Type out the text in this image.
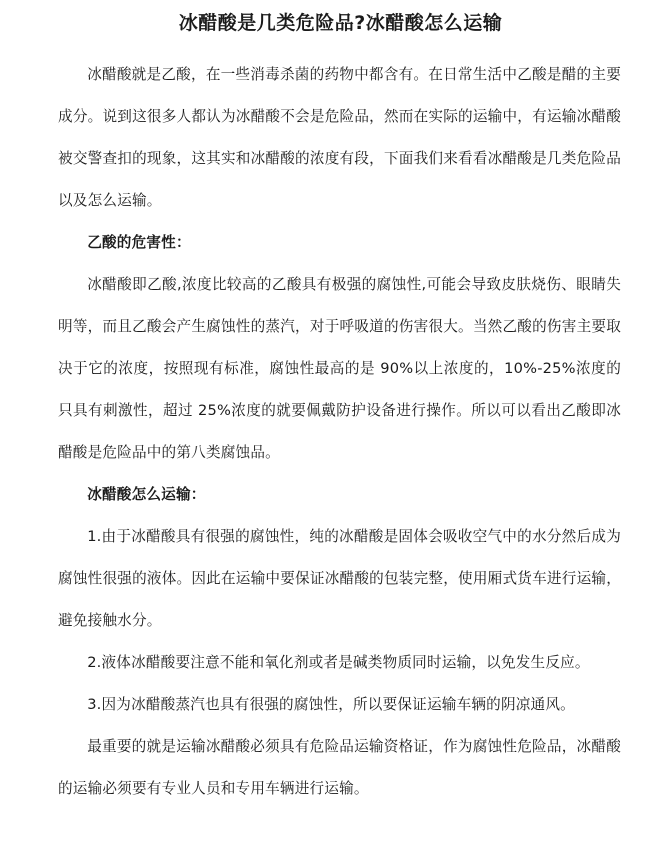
冰醋酸是几类危险品?冰醋酸怎么运输
冰醋酸就是乙酸，在一些消毒杀菌的药物中都含有。在日常生活中乙酸是醋的主要成分。说到这很多人都认为冰醋酸不会是危险品，然而在实际的运输中，有运输冰醋酸被交警查扣的现象，这其实和冰醋酸的浓度有段，下面我们来看看冰醋酸是几类危险品以及怎么运输。
乙酸的危害性：
冰醋酸即乙酸,浓度比较高的乙酸具有极强的腐蚀性,可能会导致皮肤烧伤、眼睛失明等，而且乙酸会产生腐蚀性的蒸汽，对于呼吸道的伤害很大。当然乙酸的伤害主要取决于它的浓度，按照现有标准，腐蚀性最高的是 90%以上浓度的，10%-25%浓度的只具有刺激性，超过 25%浓度的就要佩戴防护设备进行操作。所以可以看出乙酸即冰醋酸是危险品中的第八类腐蚀品。
冰醋酸怎么运输：
1.由于冰醋酸具有很强的腐蚀性，纯的冰醋酸是固体会吸收空气中的水分然后成为腐蚀性很强的液体。因此在运输中要保证冰醋酸的包装完整，使用厢式货车进行运输，避免接触水分。
2.液体冰醋酸要注意不能和氧化剂或者是碱类物质同时运输，以免发生反应。
3.因为冰醋酸蒸汽也具有很强的腐蚀性，所以要保证运输车辆的阴凉通风。
最重要的就是运输冰醋酸必须具有危险品运输资格证，作为腐蚀性危险品，冰醋酸的运输必须要有专业人员和专用车辆进行运输。
